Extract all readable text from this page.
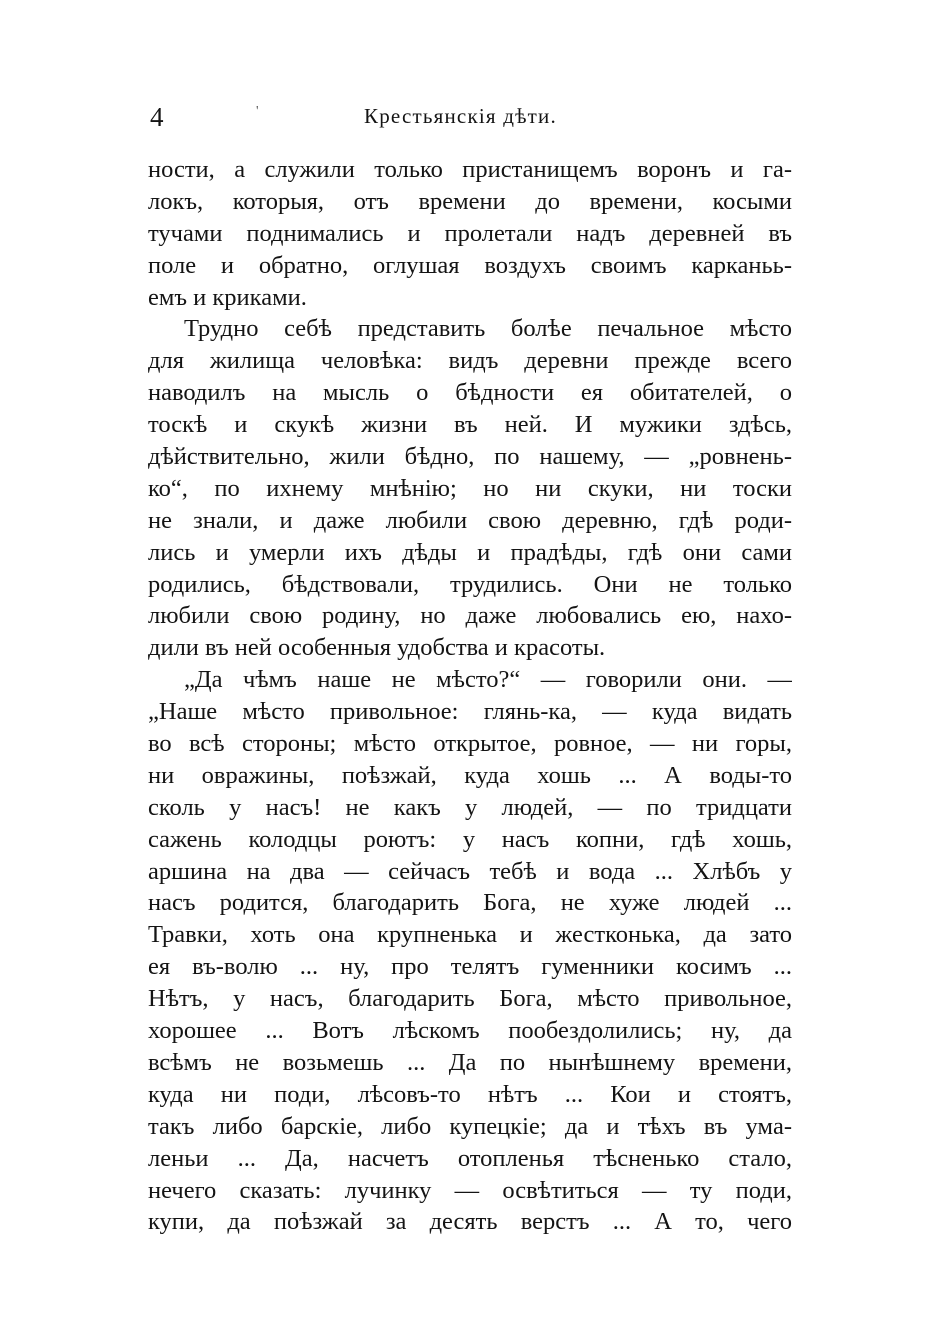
4	'	Крестьянскія дѣти.
ности, а служили только пристанищемъ воронъ и га-
локъ, которыя, отъ времени до времени, косыми
тучами поднимались и пролетали надъ деревней въ
поле и обратно, оглушая воздухъ своимъ карканьь-
емъ и криками.
Трудно себѣ представить болѣе печальное мѣсто
для жилища человѣка: видъ деревни прежде всего
наводилъ на мысль о бѣдности ея обитателей, о
тоскѣ и скукѣ жизни въ ней. И мужики здѣсь,
дѣйствительно, жили бѣдно, по нашему, — „ровнень-
ко“, по ихнему мнѣнію; но ни скуки, ни тоски
не знали, и даже любили свою деревню, гдѣ роди-
лись и умерли ихъ дѣды и прадѣды, гдѣ они сами
родились, бѣдствовали, трудились. Они не только
любили свою родину, но даже любовались ею, нахо-
дили въ ней особенныя удобства и красоты.
„Да чѣмъ наше не мѣсто?“ — говорили они. —
„Наше мѣсто привольное: глянь-ка, — куда видать
во всѣ стороны; мѣсто открытое, ровное, — ни горы,
ни овражины, поѣзжай, куда хошь ... А воды-то
сколь у насъ! не какъ у людей, — по тридцати
сажень колодцы роютъ: у насъ копни, гдѣ хошь,
аршина на два — сейчасъ тебѣ и вода ... Хлѣбъ у
насъ родится, благодарить Бога, не хуже людей ...
Травки, хоть она крупненька и жестконька, да зато
ея въ-волю ... ну, про телятъ гуменники косимъ ...
Нѣтъ, у насъ, благодарить Бога, мѣсто привольное,
хорошее ... Вотъ лѣскомъ пообездолились; ну, да
всѣмъ не возьмешь ... Да по нынѣшнему времени,
куда ни поди, лѣсовъ-то нѣтъ ... Кои и стоятъ,
такъ либо барскіе, либо купецкіе; да и тѣхъ въ умa-
леньи ... Да, насчетъ отопленья тѣсненько стало,
нечего сказать: лучинку — освѣтиться — ту поди,
купи, да поѣзжай за десять верстъ ... А то, чего
